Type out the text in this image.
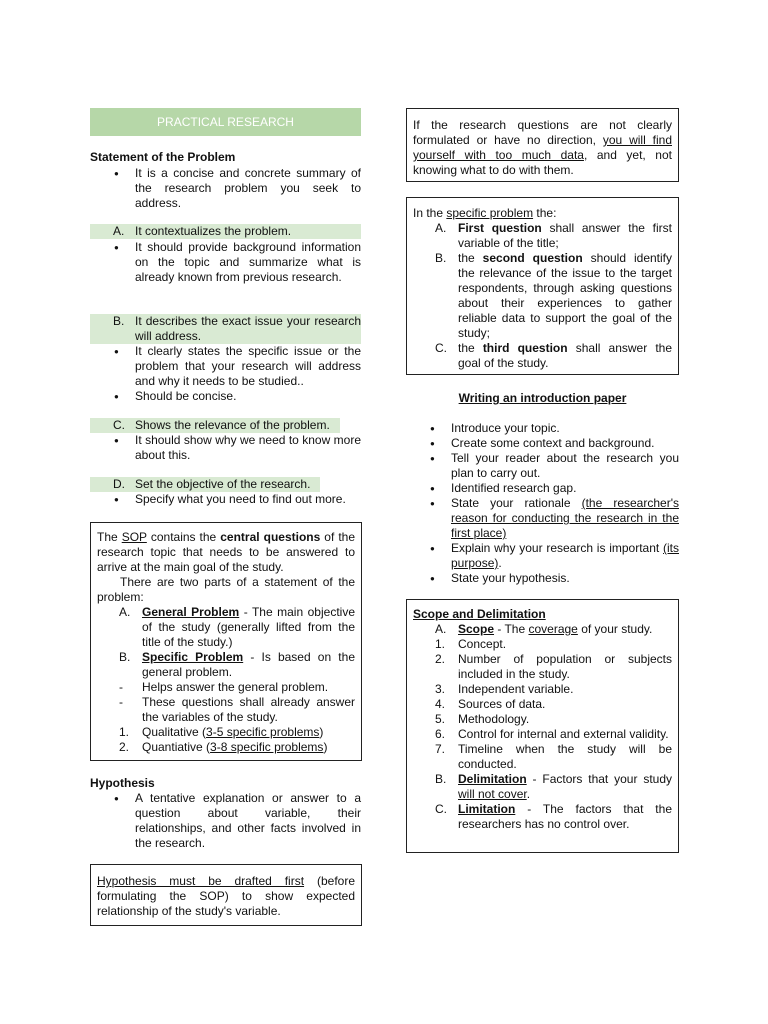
PRACTICAL RESEARCH
Statement of the Problem
● It is a concise and concrete summary of the research problem you seek to address.
A. It contextualizes the problem.
● It should provide background information on the topic and summarize what is already known from previous research.
B. It describes the exact issue your research will address.
● It clearly states the specific issue or the problem that your research will address and why it needs to be studied..
● Should be concise.
C. Shows the relevance of the problem.
● It should show why we need to know more about this.
D. Set the objective of the research.
● Specify what you need to find out more.

The SOP contains the central questions of the research topic that needs to be answered to arrive at the main goal of the study.

There are two parts of a statement of the problem:

A. General Problem - The main objective of the study (generally lifted from the title of the study.)
B. Specific Problem - Is based on the general problem.
- Helps answer the general problem.
- These questions shall already answer the variables of the study.
1. Qualitative (3-5 specific problems)
2. Quantiative (3-8 specific problems)
Hypothesis
● A tentative explanation or answer to a question about variable, their relationships, and other facts involved in the research.

Hypothesis must be drafted first (before formulating the SOP) to show expected relationship of the study's variable.

If the research questions are not clearly formulated or have no direction, you will find yourself with too much data, and yet, not knowing what to do with them.

In the specific problem the:

A. First question shall answer the first variable of the title;
B. the second question should identify the relevance of the issue to the target respondents, through asking questions about their experiences to gather reliable data to support the goal of the study;
C. the third question shall answer the goal of the study.
Writing an introduction paper
● Introduce your topic.
● Create some context and background.
● Tell your reader about the research you plan to carry out.
● Identified research gap.
● State your rationale (the researcher's reason for conducting the research in the first place)
● Explain why your research is important (its purpose).
● State your hypothesis.

Scope and Delimitation

A. Scope - The coverage of your study.
1. Concept.
2. Number of population or subjects included in the study.
3. Independent variable.
4. Sources of data.
5. Methodology.
6. Control for internal and external validity.
7. Timeline when the study will be conducted.
B. Delimitation - Factors that your study will not cover.
C. Limitation - The factors that the researchers has no control over.
